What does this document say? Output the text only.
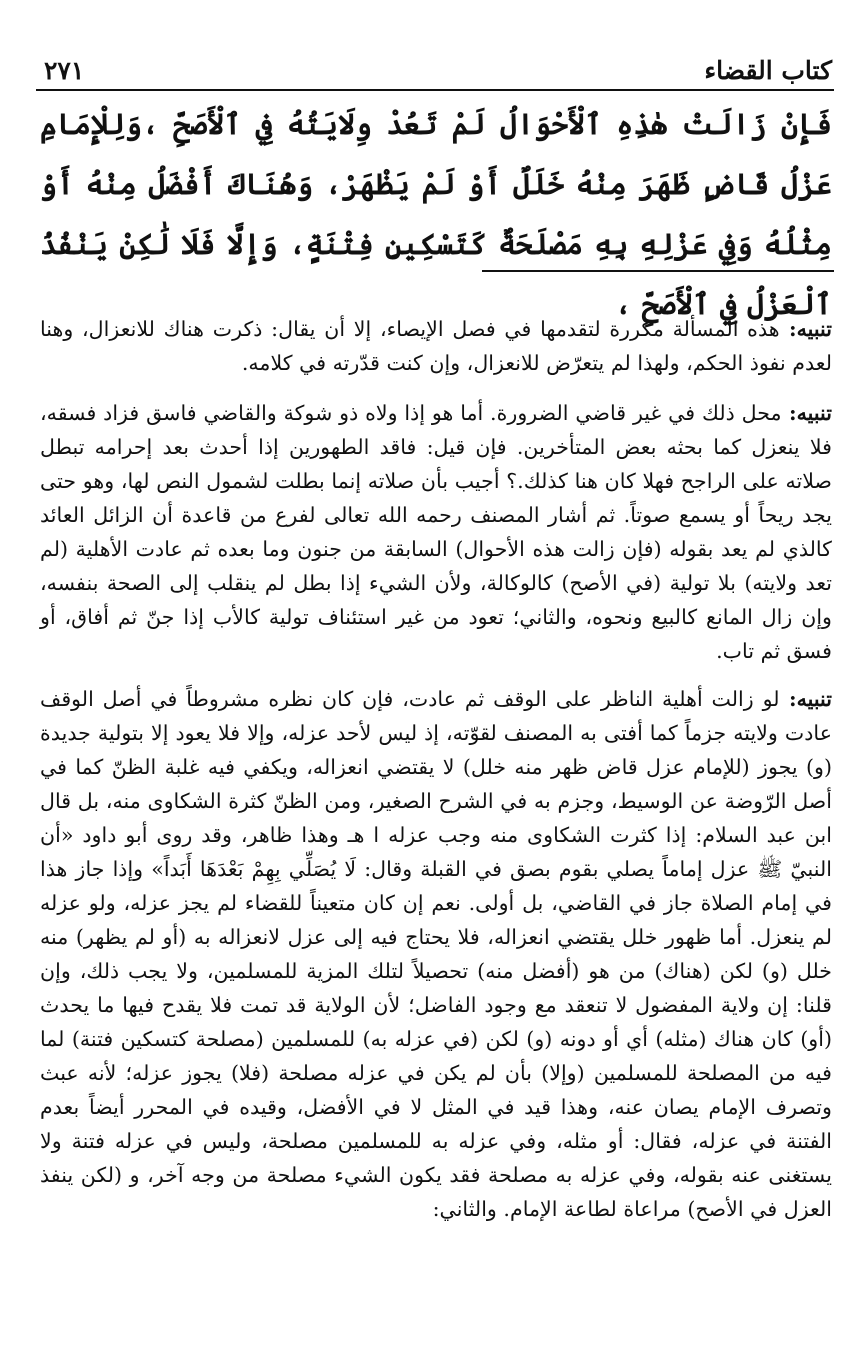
كتاب القضاء
٢٧١
فَإِنْ زَالَتْ هٰذِهِ ٱلْأَحْوَالُ لَمْ تَعُدْ وِلَايَتُهُ فِي ٱلْأَصَحِّ ،وَلِلْإِمَامِ عَزْلُ قَاضٍ ظَهَرَ مِنْهُ خَلَلٌ أَوْ لَمْ يَظْهَرْ، وَهُنَاكَ أَفْضَلُ مِنْهُ أَوْ مِثْلُهُ وَفِي عَزْلِهِ بِهِ مَصْلَحَةٌ كَتَسْكِينِ فِتْنَةٍ، وَإِلَّا فَلَا لَٰكِنْ يَنْفُذُ ٱلْعَزْلُ فِي ٱلْأَصَحِّ ،

تنبيه: هذه المسألة مكررة لتقدمها في فصل الإيصاء، إلا أن يقال: ذكرت هناك للانعزال، وهنا لعدم نفوذ الحكم، ولهذا لم يتعرّض للانعزال، وإن كنت قدّرته في كلامه.

تنبيه: محل ذلك في غير قاضي الضرورة. أما هو إذا ولاه ذو شوكة والقاضي فاسق فزاد فسقه، فلا ينعزل كما بحثه بعض المتأخرين. فإن قيل: فاقد الطهورين إذا أحدث بعد إحرامه تبطل صلاته على الراجح فهلا كان هنا كذلك.؟ أجيب بأن صلاته إنما بطلت لشمول النص لها، وهو حتى يجد ريحاً أو يسمع صوتاً. ثم أشار المصنف رحمه الله تعالى لفرع من قاعدة أن الزائل العائد كالذي لم يعد بقوله (فإن زالت هذه الأحوال) السابقة من جنون وما بعده ثم عادت الأهلية (لم تعد ولايته) بلا تولية (في الأصح) كالوكالة، ولأن الشيء إذا بطل لم ينقلب إلى الصحة بنفسه، وإن زال المانع كالبيع ونحوه، والثاني؛ تعود من غير استئناف تولية كالأب إذا جنّ ثم أفاق، أو فسق ثم تاب.

تنبيه: لو زالت أهلية الناظر على الوقف ثم عادت، فإن كان نظره مشروطاً في أصل الوقف عادت ولايته جزماً كما أفتى به المصنف لقوّته، إذ ليس لأحد عزله، وإلا فلا يعود إلا بتولية جديدة (و) يجوز (للإمام عزل قاض ظهر منه خلل) لا يقتضي انعزاله، ويكفي فيه غلبة الظنّ كما في أصل الرّوضة عن الوسيط، وجزم به في الشرح الصغير، ومن الظنّ كثرة الشكاوى منه، بل قال ابن عبد السلام: إذا كثرت الشكاوى منه وجب عزله ا هـ وهذا ظاهر، وقد روى أبو داود «أن النبيّ ﷺ عزل إماماً يصلي بقوم بصق في القبلة وقال: لَا يُصَلِّي بِهِمْ بَعْدَهَا أَبَداً» وإذا جاز هذا في إمام الصلاة جاز في القاضي، بل أولى. نعم إن كان متعيناً للقضاء لم يجز عزله، ولو عزله لم ينعزل. أما ظهور خلل يقتضي انعزاله، فلا يحتاج فيه إلى عزل لانعزاله به (أو لم يظهر) منه خلل (و) لكن (هناك) من هو (أفضل منه) تحصيلاً لتلك المزية للمسلمين، ولا يجب ذلك، وإن قلنا: إن ولاية المفضول لا تنعقد مع وجود الفاضل؛ لأن الولاية قد تمت فلا يقدح فيها ما يحدث (أو) كان هناك (مثله) أي أو دونه (و) لكن (في عزله به) للمسلمين (مصلحة كتسكين فتنة) لما فيه من المصلحة للمسلمين (وإلا) بأن لم يكن في عزله مصلحة (فلا) يجوز عزله؛ لأنه عبث وتصرف الإمام يصان عنه، وهذا قيد في المثل لا في الأفضل، وقيده في المحرر أيضاً بعدم الفتنة في عزله، فقال: أو مثله، وفي عزله به للمسلمين مصلحة، وليس في عزله فتنة ولا يستغنى عنه بقوله، وفي عزله به مصلحة فقد يكون الشيء مصلحة من وجه آخر، و (لكن ينفذ العزل في الأصح) مراعاة لطاعة الإمام. والثاني:
